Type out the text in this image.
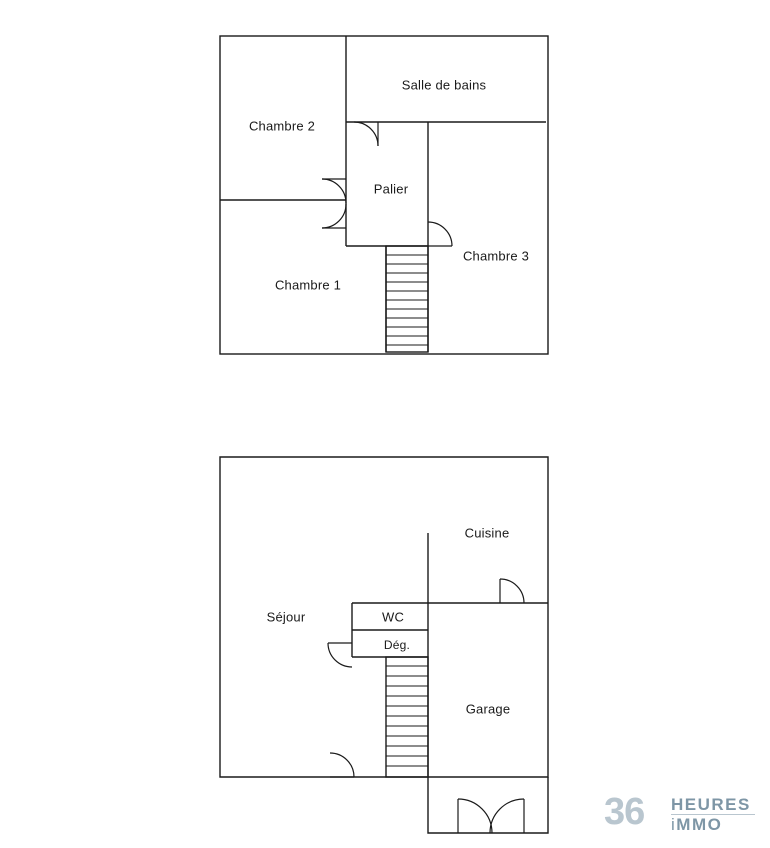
Chambre 2
Salle de bains
Palier
Chambre 3
Chambre 1
Cuisine
Séjour	WC
Dég.
Garage
36 HEURES
iMMO
